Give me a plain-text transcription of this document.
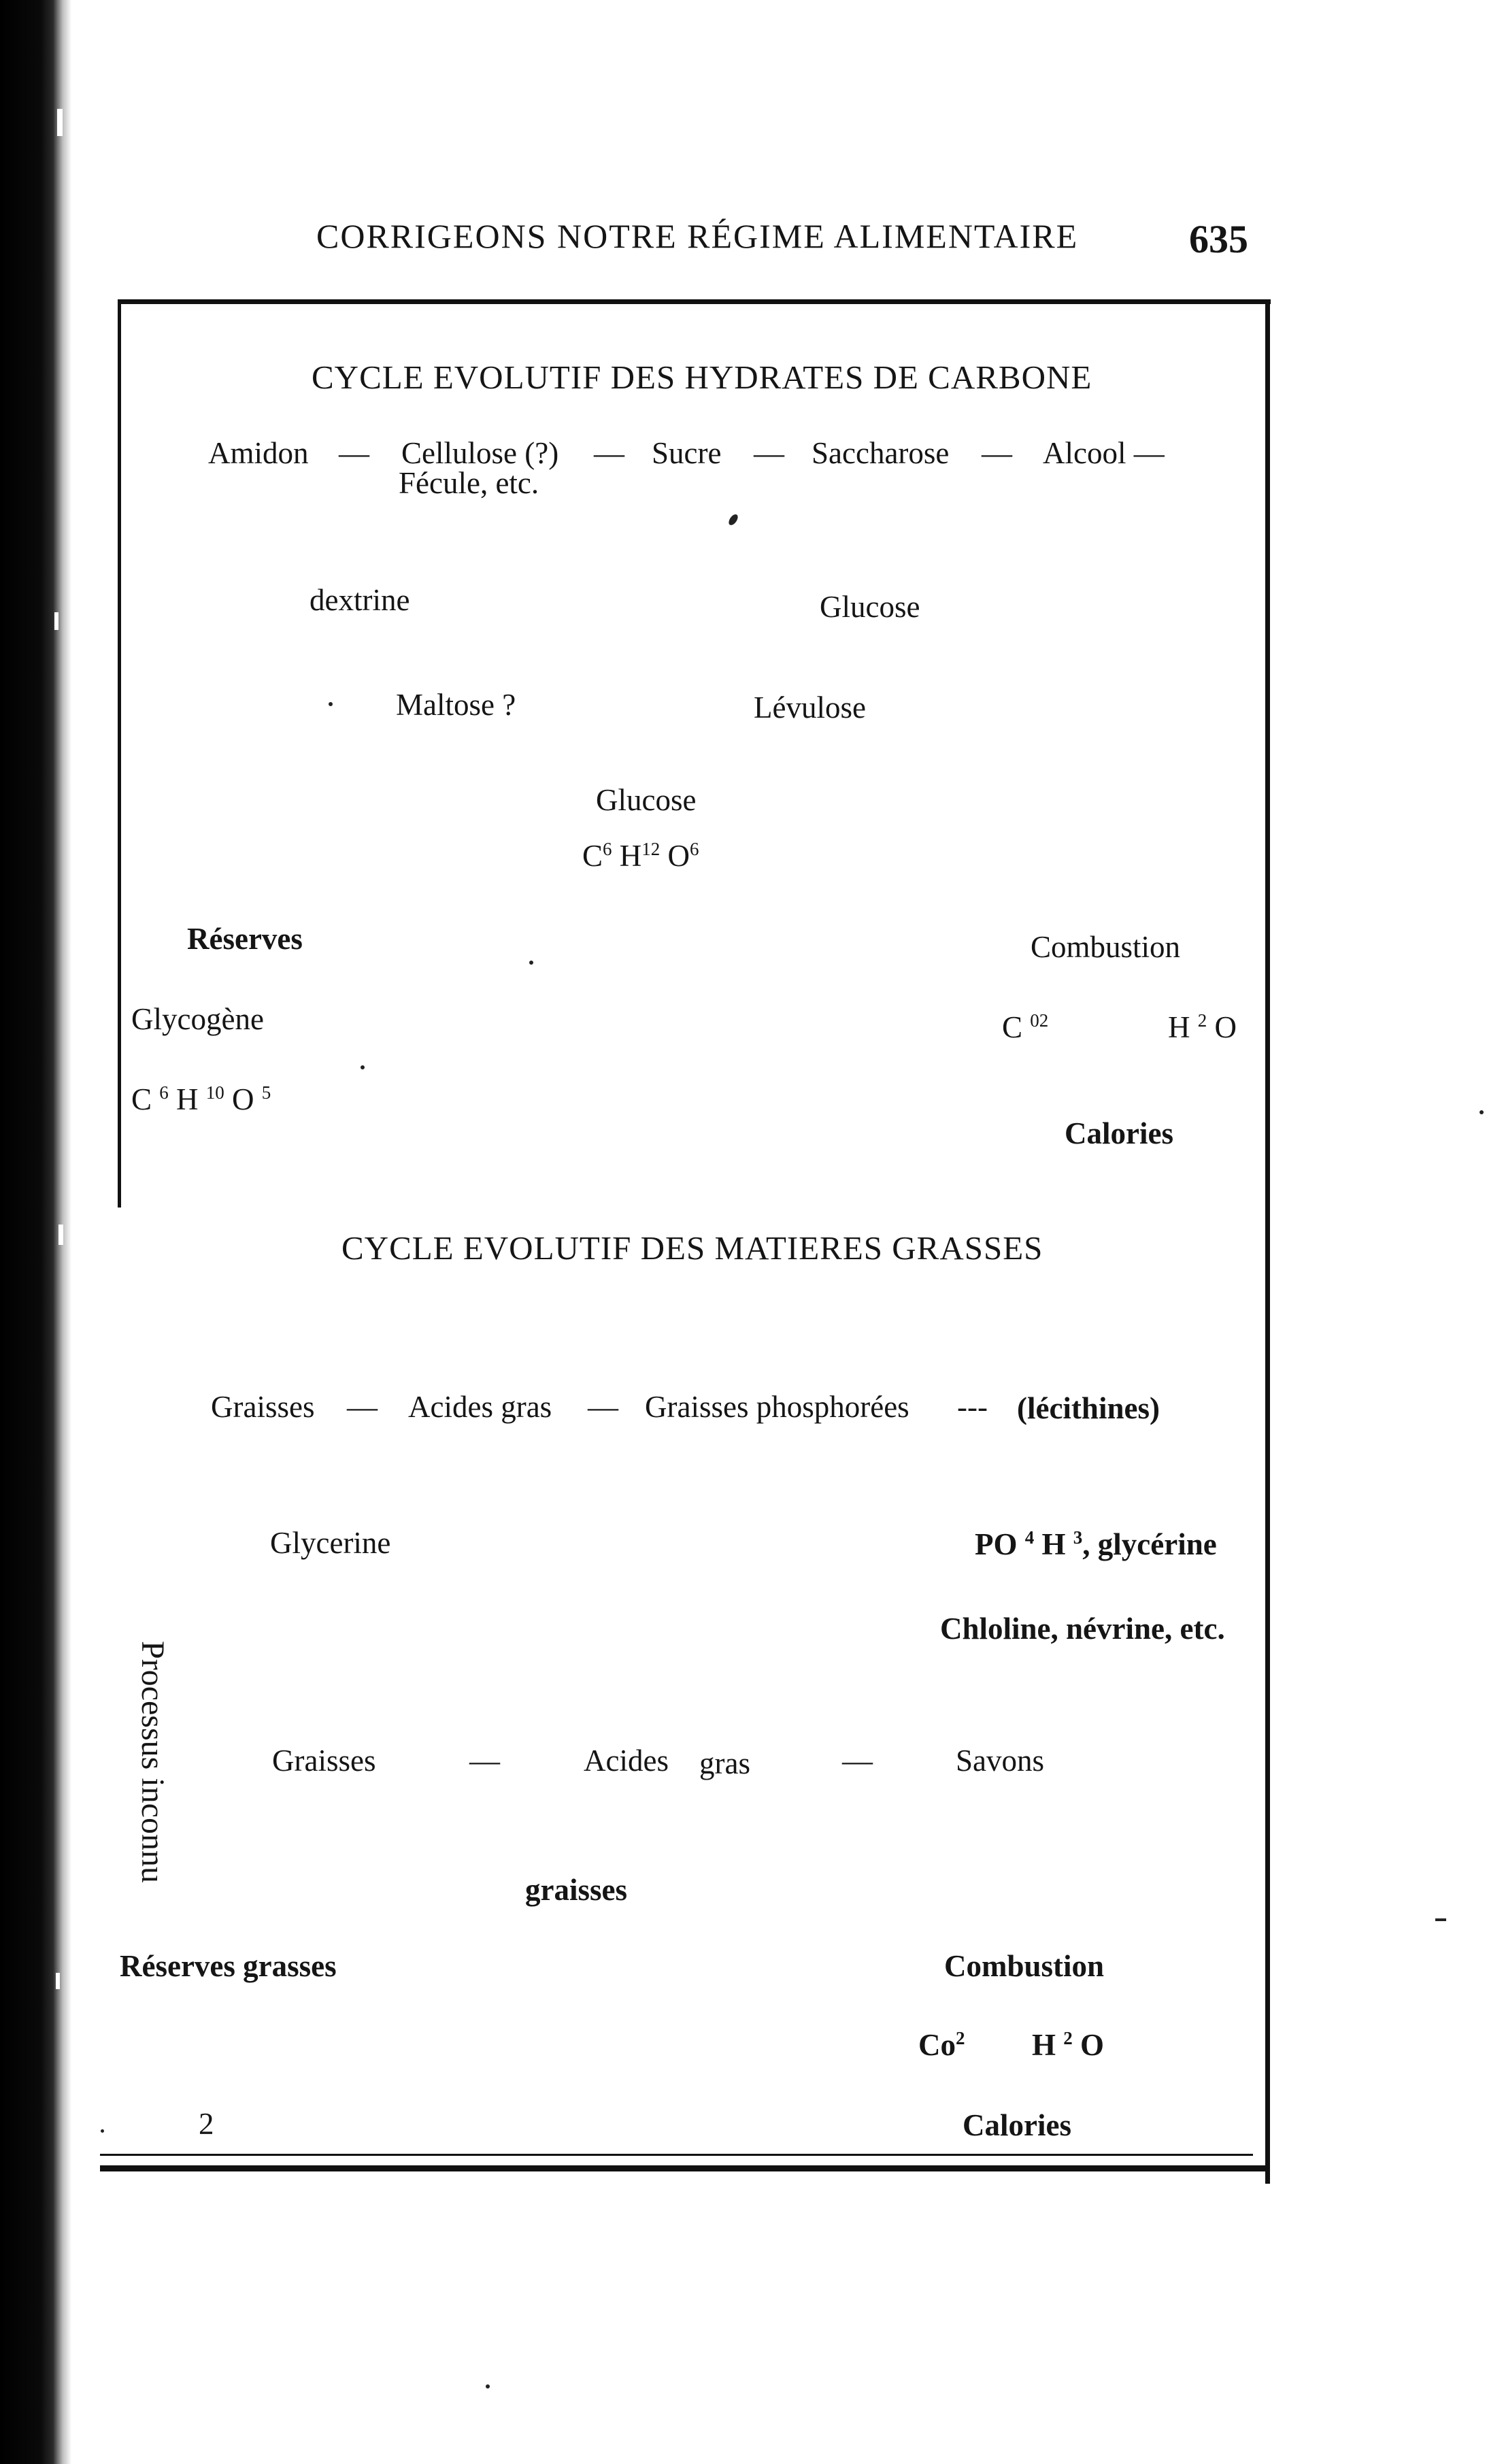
CORRIGEONS NOTRE RÉGIME ALIMENTAIRE	635
CYCLE EVOLUTIF DES HYDRATES DE CARBONE
Amidon — Cellulose (?)
Fécule, etc.
— Sucre — Saccharose — Alcool —
dextrine	Glucose
Maltose ?	Lévulose
Glucose
$C^6$ $H^{12}$ $O^6$
Réserves	Combustion
Glycogène	C $^{02}$	H $^2$ O
C $^6$ H $^{10}$ O $^5$
Calories
CYCLE EVOLUTIF DES MATIERES GRASSES
Graisses — Acides gras — Graisses phosphorées --- (lécithines)
Processus inconnu
Glycerine	PO $^4$ H $^3$, glycérine
Chloline, névrine, etc.
Graisses	—	Acides gras	—	Savons
graisses
Réserves grasses	Combustion
Co$^2$ H $^2$ O
2	Calories
